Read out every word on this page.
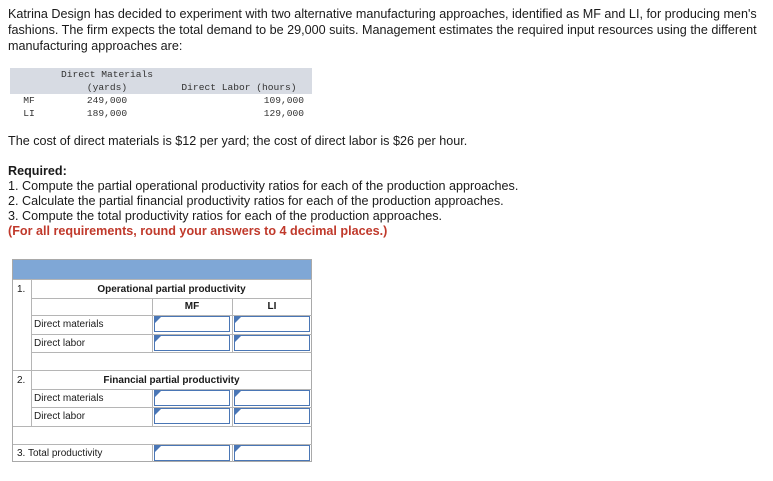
Katrina Design has decided to experiment with two alternative manufacturing approaches, identified as MF and LI, for producing men's fashions. The firm expects the total demand to be 29,000 suits. Management estimates the required input resources using the different manufacturing approaches are:
	Direct Materials	
	(yards)	Direct Labor (hours)
MF	249,000	109,000
LI	189,000	129,000
The cost of direct materials is $12 per yard; the cost of direct labor is $26 per hour.
Required:
1. Compute the partial operational productivity ratios for each of the production approaches.
2. Calculate the partial financial productivity ratios for each of the production approaches.
3. Compute the total productivity ratios for each of the production approaches.
(For all requirements, round your answers to 4 decimal places.)
1.	Operational partial productivity
MF	LI
Direct materials
Direct labor
2.	Financial partial productivity
Direct materials
Direct labor
3. Total productivity
